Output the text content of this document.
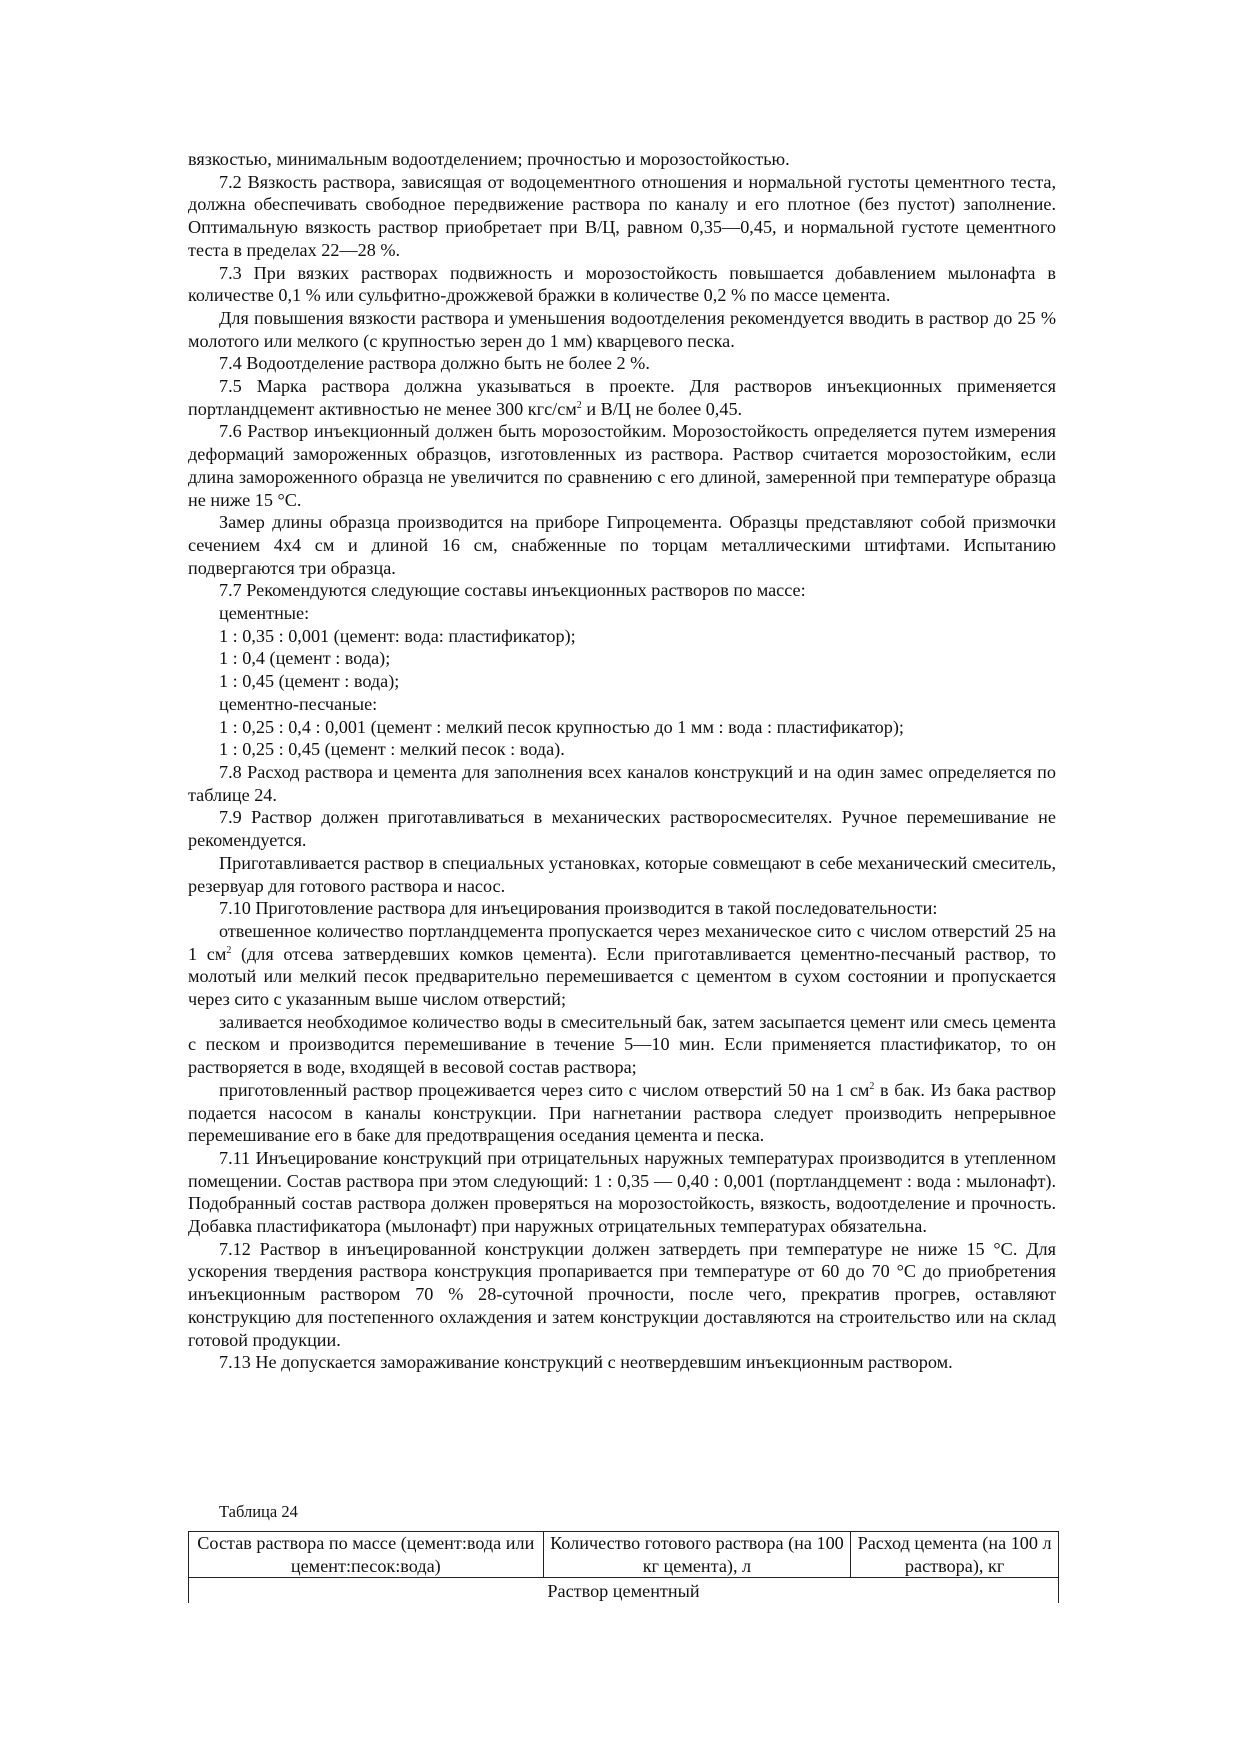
вязкостью, минимальным водоотделением; прочностью и морозостойкостью.

7.2 Вязкость раствора, зависящая от водоцементного отношения и нормальной густоты цементного теста, должна обеспечивать свободное передвижение раствора по каналу и его плотное (без пустот) заполнение. Оптимальную вязкость раствор приобретает при В/Ц, равном 0,35—0,45, и нормальной густоте цементного теста в пределах 22—28 %.

7.3 При вязких растворах подвижность и морозостойкость повышается добавлением мылонафта в количестве 0,1 % или сульфитно-дрожжевой бражки в количестве 0,2 % по массе цемента.

Для повышения вязкости раствора и уменьшения водоотделения рекомендуется вводить в раствор до 25 % молотого или мелкого (с крупностью зерен до 1 мм) кварцевого песка.

7.4 Водоотделение раствора должно быть не более 2 %.

7.5 Марка раствора должна указываться в проекте. Для растворов инъекционных применяется портландцемент активностью не менее 300 кгс/$см^2$ и В/Ц не более 0,45.

7.6 Раствор инъекционный должен быть морозостойким. Морозостойкость определяется путем измерения деформаций замороженных образцов, изготовленных из раствора. Раствор считается морозостойким, если длина замороженного образца не увеличится по сравнению с его длиной, замеренной при температуре образца не ниже 15 °С.

Замер длины образца производится на приборе Гипроцемента. Образцы представляют собой призмочки сечением 4х4 см и длиной 16 см, снабженные по торцам металлическими штифтами. Испытанию подвергаются три образца.

7.7 Рекомендуются следующие составы инъекционных растворов по массе:

цементные:

1 : 0,35 : 0,001 (цемент: вода: пластификатор);

1 : 0,4 (цемент : вода);

1 : 0,45 (цемент : вода);

цементно-песчаные:

1 : 0,25 : 0,4 : 0,001 (цемент : мелкий песок крупностью до 1 мм : вода : пластификатор);

1 : 0,25 : 0,45 (цемент : мелкий песок : вода).

7.8 Расход раствора и цемента для заполнения всех каналов конструкций и на один замес определяется по таблице 24.

7.9 Раствор должен приготавливаться в механических растворосмесителях. Ручное перемешивание не рекомендуется.

Приготавливается раствор в специальных установках, которые совмещают в себе механический смеситель, резервуар для готового раствора и насос.

7.10 Приготовление раствора для инъецирования производится в такой последовательности:

отвешенное количество портландцемента пропускается через механическое сито с числом отверстий 25 на 1 $см^2$ (для отсева затвердевших комков цемента). Если приготавливается цементно-песчаный раствор, то молотый или мелкий песок предварительно перемешивается с цементом в сухом состоянии и пропускается через сито с указанным выше числом отверстий;

заливается необходимое количество воды в смесительный бак, затем засыпается цемент или смесь цемента с песком и производится перемешивание в течение 5—10 мин. Если применяется пластификатор, то он растворяется в воде, входящей в весовой состав раствора;

приготовленный раствор процеживается через сито с числом отверстий 50 на 1 $см^2$ в бак. Из бака раствор подается насосом в каналы конструкции. При нагнетании раствора следует производить непрерывное перемешивание его в баке для предотвращения оседания цемента и песка.

7.11 Инъецирование конструкций при отрицательных наружных температурах производится в утепленном помещении. Состав раствора при этом следующий: 1 : 0,35 — 0,40 : 0,001 (портландцемент : вода : мылонафт). Подобранный состав раствора должен проверяться на морозостойкость, вязкость, водоотделение и прочность. Добавка пластификатора (мылонафт) при наружных отрицательных температурах обязательна.

7.12 Раствор в инъецированной конструкции должен затвердеть при температуре не ниже 15 °С. Для ускорения твердения раствора конструкция пропаривается при температуре от 60 до 70 °С до приобретения инъекционным раствором 70 % 28-суточной прочности, после чего, прекратив прогрев, оставляют конструкцию для постепенного охлаждения и затем конструкции доставляются на строительство или на склад готовой продукции.

7.13 Не допускается замораживание конструкций с неотвердевшим инъекционным раствором.

Таблица 24
Состав раствора по массе (цемент:вода или цемент:песок:вода)	Количество готового раствора (на 100 кг цемента), л	Расход цемента (на 100 л раствора), кг
Раствор цементный
